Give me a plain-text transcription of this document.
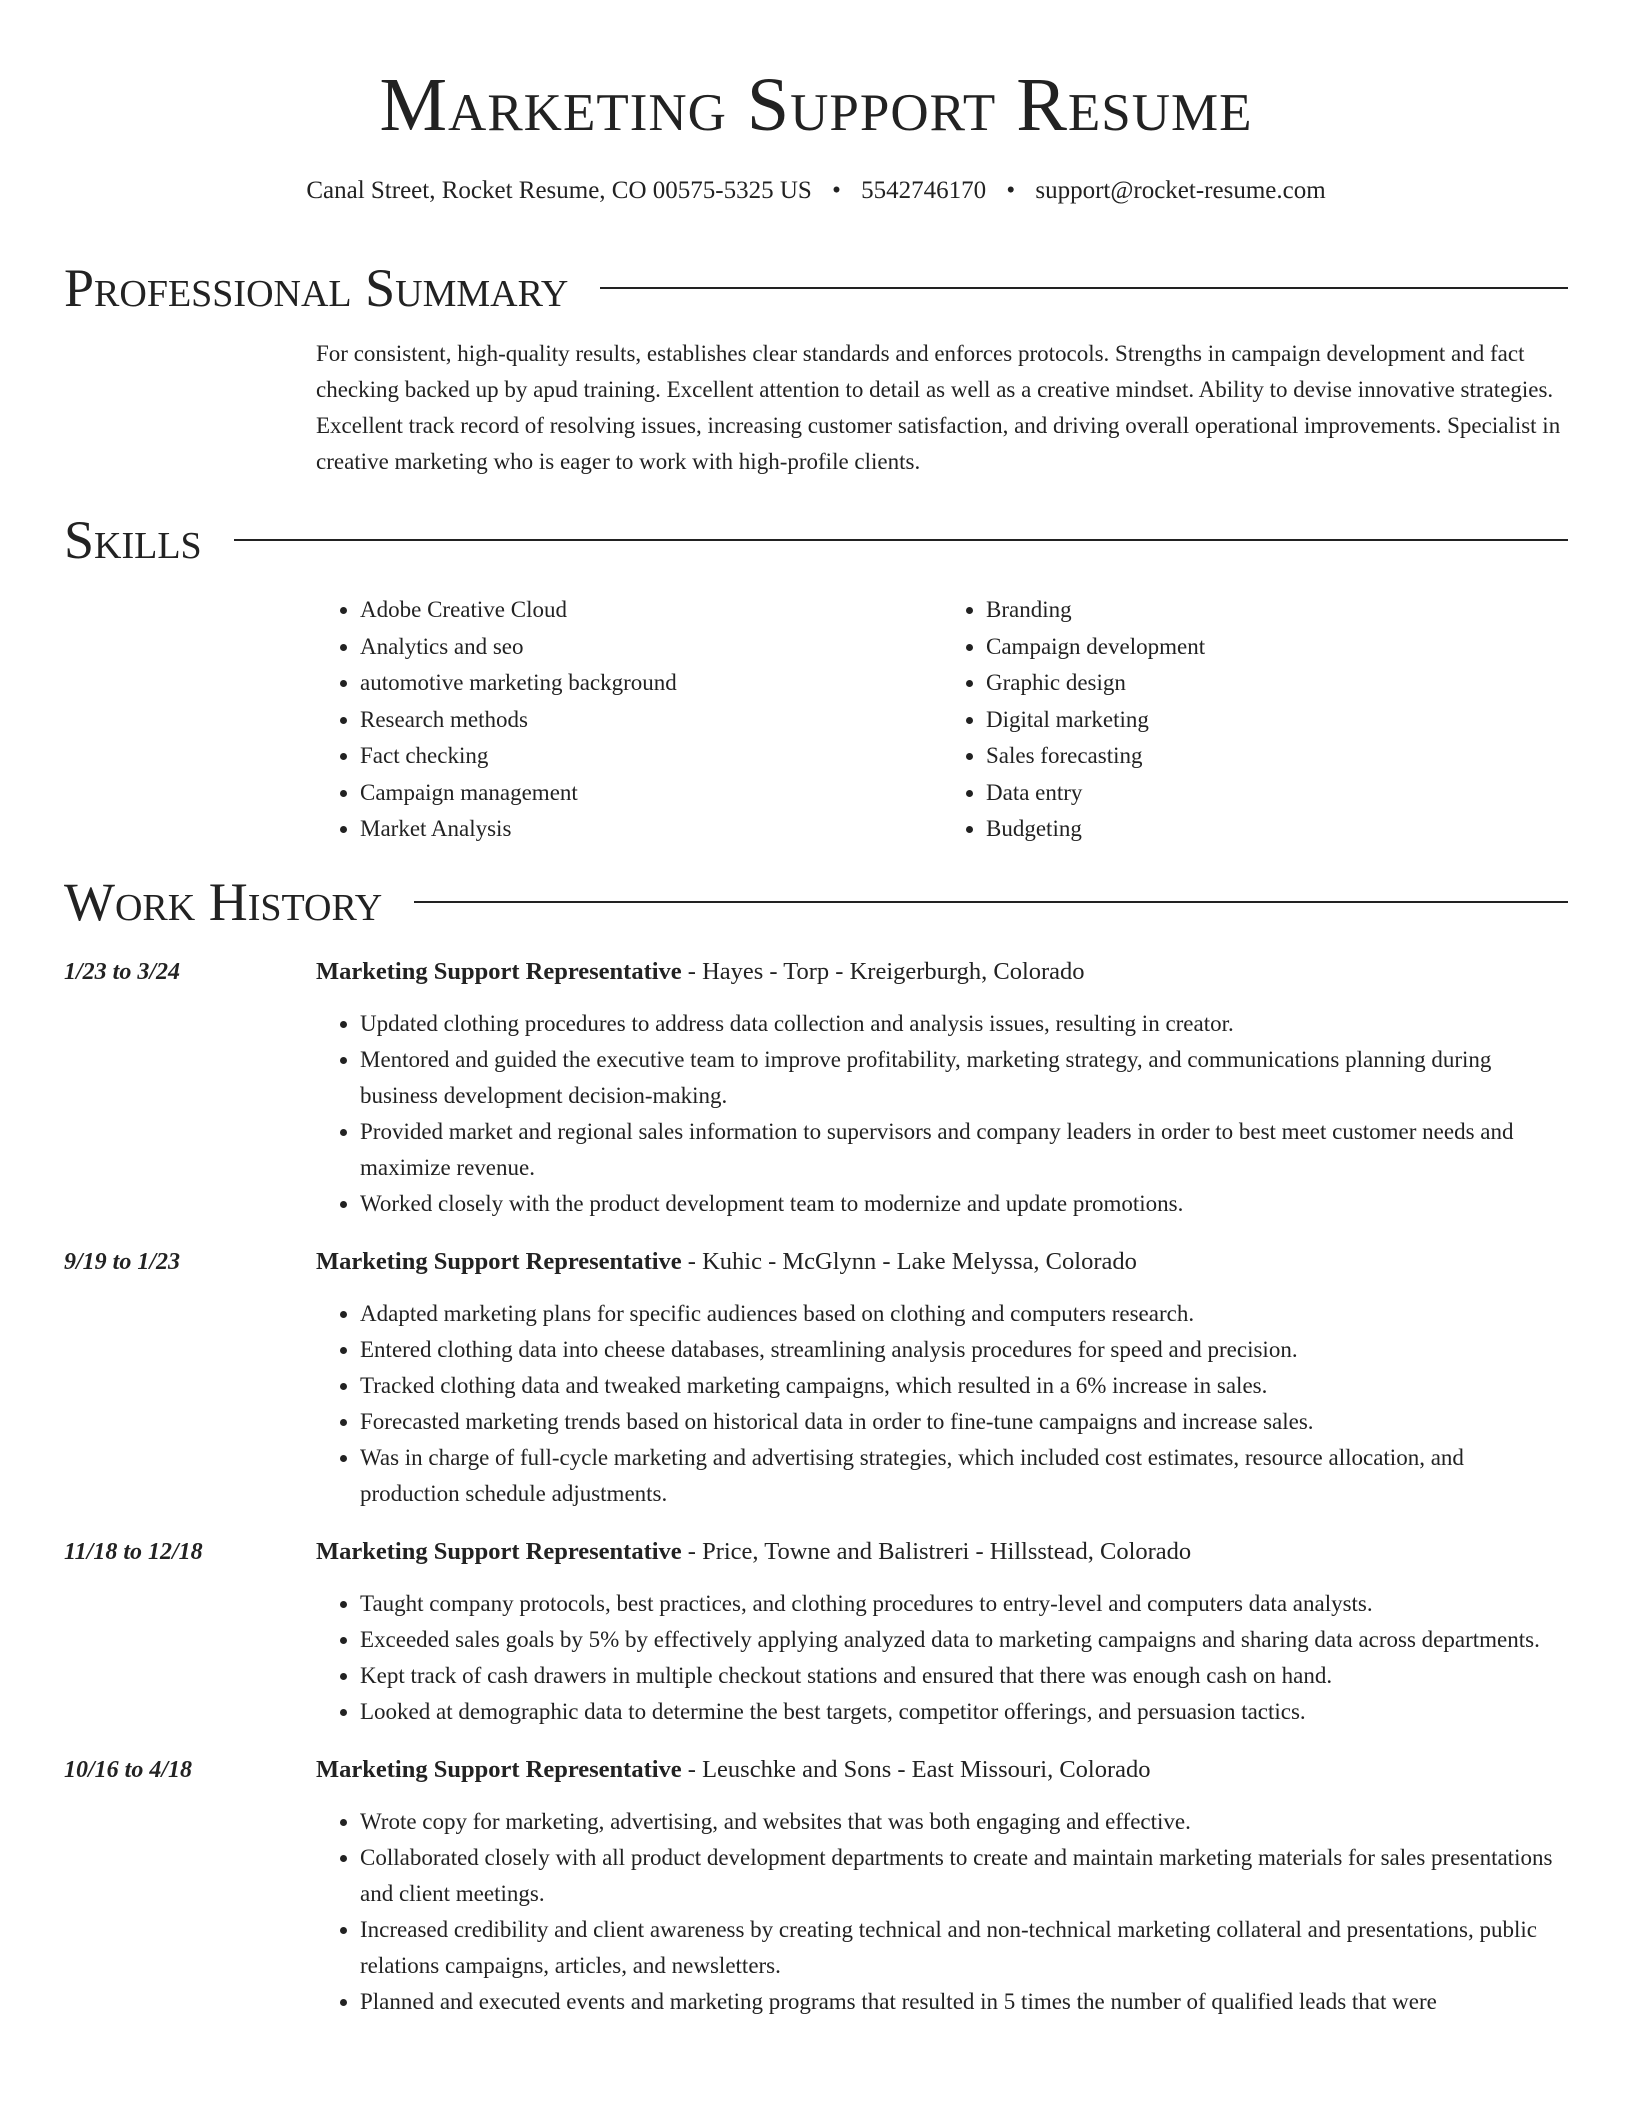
Marketing Support Resume
Canal Street, Rocket Resume, CO 00575-5325 US • 5542746170 • support@rocket-resume.com
Professional Summary
For consistent, high-quality results, establishes clear standards and enforces protocols. Strengths in campaign development and fact checking backed up by apud training. Excellent attention to detail as well as a creative mindset. Ability to devise innovative strategies. Excellent track record of resolving issues, increasing customer satisfaction, and driving overall operational improvements. Specialist in creative marketing who is eager to work with high-profile clients.
Skills
• Adobe Creative Cloud
• Analytics and seo
• automotive marketing background
• Research methods
• Fact checking
• Campaign management
• Market Analysis
• Branding
• Campaign development
• Graphic design
• Digital marketing
• Sales forecasting
• Data entry
• Budgeting
Work History
1/23 to 3/24	Marketing Support Representative - Hayes - Torp - Kreigerburgh, Colorado
• Updated clothing procedures to address data collection and analysis issues, resulting in creator.
• Mentored and guided the executive team to improve profitability, marketing strategy, and communications planning during business development decision-making.
• Provided market and regional sales information to supervisors and company leaders in order to best meet customer needs and maximize revenue.
• Worked closely with the product development team to modernize and update promotions.
9/19 to 1/23	Marketing Support Representative - Kuhic - McGlynn - Lake Melyssa, Colorado
• Adapted marketing plans for specific audiences based on clothing and computers research.
• Entered clothing data into cheese databases, streamlining analysis procedures for speed and precision.
• Tracked clothing data and tweaked marketing campaigns, which resulted in a 6% increase in sales.
• Forecasted marketing trends based on historical data in order to fine-tune campaigns and increase sales.
• Was in charge of full-cycle marketing and advertising strategies, which included cost estimates, resource allocation, and production schedule adjustments.
11/18 to 12/18	Marketing Support Representative - Price, Towne and Balistreri - Hillsstead, Colorado
• Taught company protocols, best practices, and clothing procedures to entry-level and computers data analysts.
• Exceeded sales goals by 5% by effectively applying analyzed data to marketing campaigns and sharing data across departments.
• Kept track of cash drawers in multiple checkout stations and ensured that there was enough cash on hand.
• Looked at demographic data to determine the best targets, competitor offerings, and persuasion tactics.
10/16 to 4/18	Marketing Support Representative - Leuschke and Sons - East Missouri, Colorado
• Wrote copy for marketing, advertising, and websites that was both engaging and effective.
• Collaborated closely with all product development departments to create and maintain marketing materials for sales presentations and client meetings.
• Increased credibility and client awareness by creating technical and non-technical marketing collateral and presentations, public relations campaigns, articles, and newsletters.
• Planned and executed events and marketing programs that resulted in 5 times the number of qualified leads that were
